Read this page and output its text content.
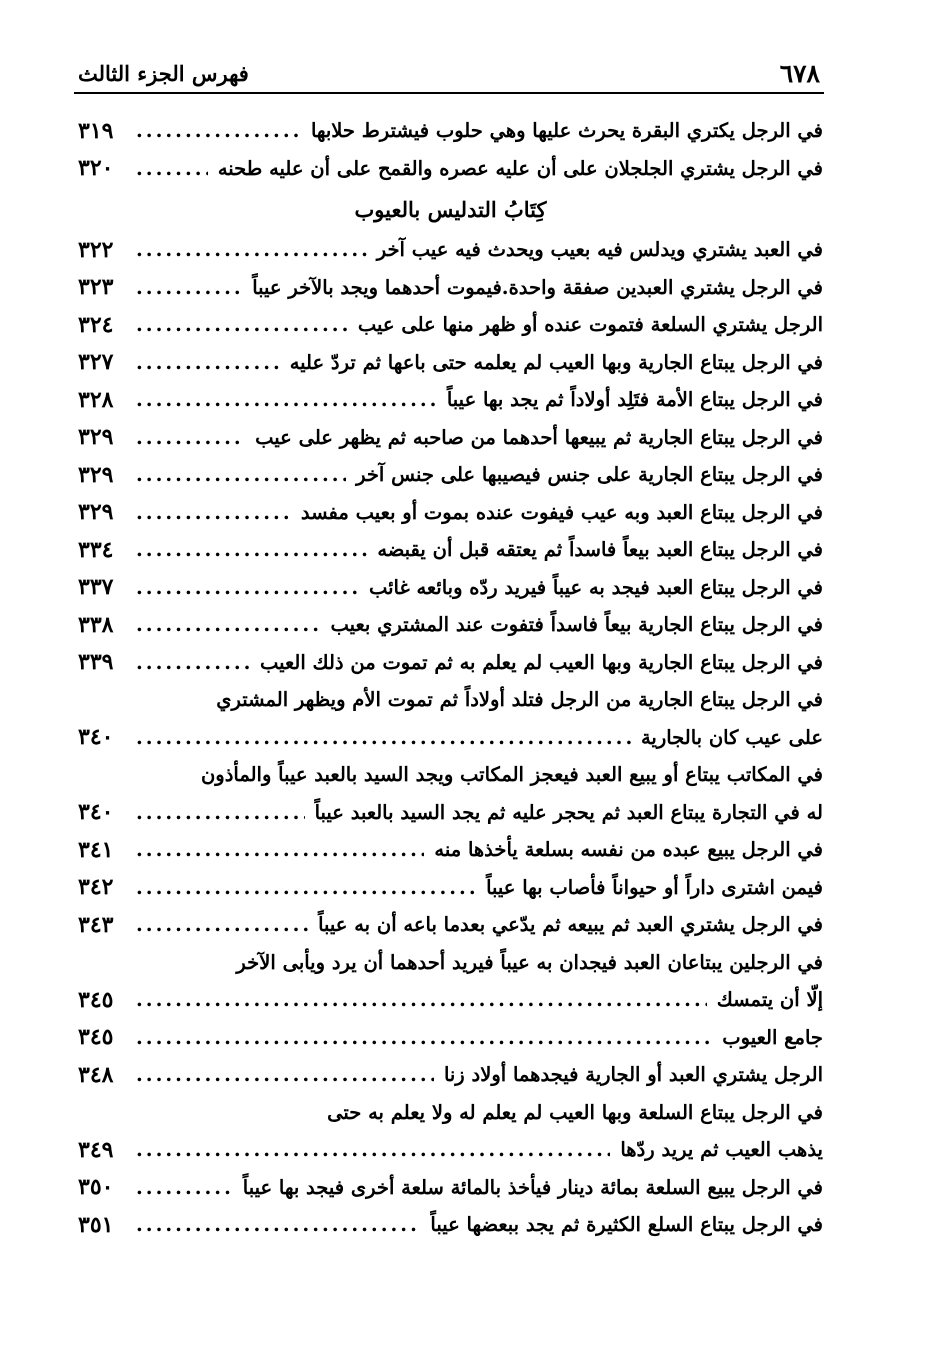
٦٧٨
فهرس الجزء الثالث
في الرجل يكتري البقرة يحرث عليها وهي حلوب فيشترط حلابها
.....
٣١٩
في الرجل يشتري الجلجلان على أن عليه عصره والقمح على أن عليه طحنه
.....
٣٢٠
كِتَابُ التدليس بالعيوب
في العبد يشتري ويدلس فيه بعيب ويحدث فيه عيب آخر
.....
٣٢٢
في الرجل يشتري العبدين صفقة واحدة.فيموت أحدهما ويجد بالآخر عيباً
.....
٣٢٣
الرجل يشتري السلعة فتموت عنده أو ظهر منها على عيب
.....
٣٢٤
في الرجل يبتاع الجارية وبها العيب لم يعلمه حتى باعها ثم تردّ عليه
.....
٣٢٧
في الرجل يبتاع الأمة فتَلِد أولاداً ثم يجد بها عيباً
.....
٣٢٨
في الرجل يبتاع الجارية ثم يبيعها أحدهما من صاحبه ثم يظهر على عيب
.....
٣٢٩
في الرجل يبتاع الجارية على جنس فيصيبها على جنس آخر
.....
٣٢٩
في الرجل يبتاع العبد وبه عيب فيفوت عنده بموت أو بعيب مفسد
.....
٣٢٩
في الرجل يبتاع العبد بيعاً فاسداً ثم يعتقه قبل أن يقبضه
.....
٣٣٤
في الرجل يبتاع العبد فيجد به عيباً فيريد ردّه وبائعه غائب
.....
٣٣٧
في الرجل يبتاع الجارية بيعاً فاسداً فتفوت عند المشتري بعيب
.....
٣٣٨
في الرجل يبتاع الجارية وبها العيب لم يعلم به ثم تموت من ذلك العيب
.....
٣٣٩
في الرجل يبتاع الجارية من الرجل فتلد أولاداً ثم تموت الأم ويظهر المشتري
على عيب كان بالجارية
.....
٣٤٠
في المكاتب يبتاع أو يبيع العبد فيعجز المكاتب ويجد السيد بالعبد عيباً والمأذون
له في التجارة يبتاع العبد ثم يحجر عليه ثم يجد السيد بالعبد عيباً
.....
٣٤٠
في الرجل يبيع عبده من نفسه بسلعة يأخذها منه
.....
٣٤١
فيمن اشترى داراً أو حيواناً فأصاب بها عيباً
.....
٣٤٢
في الرجل يشتري العبد ثم يبيعه ثم يدّعي بعدما باعه أن به عيباً
.....
٣٤٣
في الرجلين يبتاعان العبد فيجدان به عيباً فيريد أحدهما أن يرد ويأبى الآخر
إلّا أن يتمسك
.....
٣٤٥
جامع العيوب
.....
٣٤٥
الرجل يشتري العبد أو الجارية فيجدهما أولاد زنا
.....
٣٤٨
في الرجل يبتاع السلعة وبها العيب لم يعلم له ولا يعلم به حتى
يذهب العيب ثم يريد ردّها
.....
٣٤٩
في الرجل يبيع السلعة بمائة دينار فيأخذ بالمائة سلعة أخرى فيجد بها عيباً
.....
٣٥٠
في الرجل يبتاع السلع الكثيرة ثم يجد ببعضها عيباً
.....
٣٥١
